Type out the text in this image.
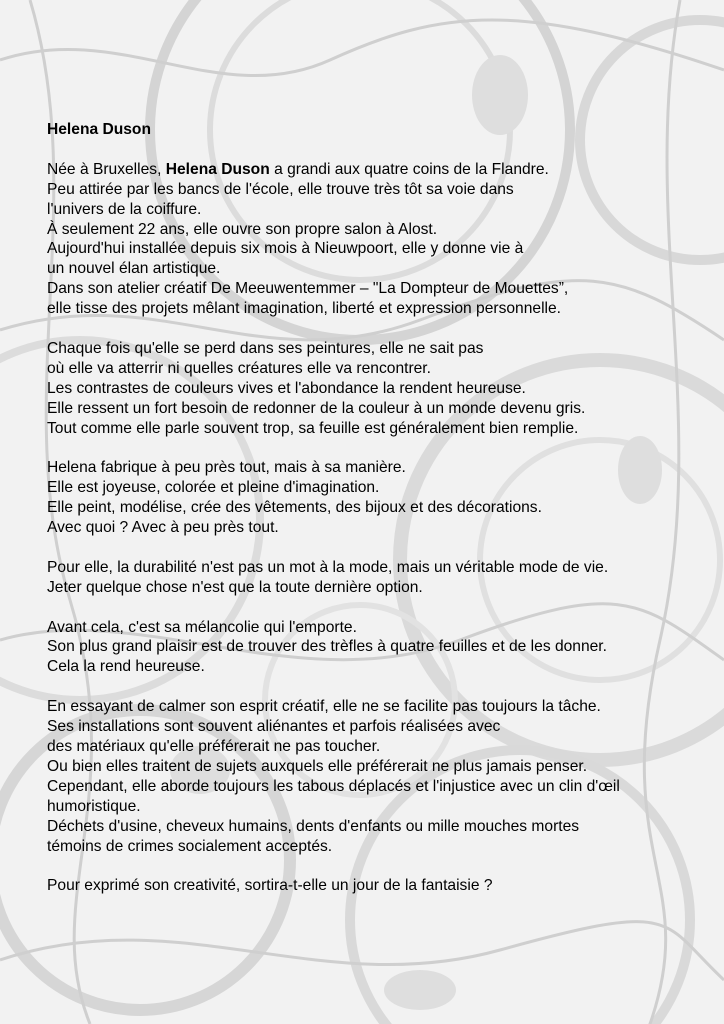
Helena Duson
Née à Bruxelles, Helena Duson a grandi aux quatre coins de la Flandre.
Peu attirée par les bancs de l'école, elle trouve très tôt sa voie dans
l'univers de la coiffure.
À seulement 22 ans, elle ouvre son propre salon à Alost.
Aujourd'hui installée depuis six mois à Nieuwpoort, elle y donne vie à
un nouvel élan artistique.
Dans son atelier créatif De Meeuwentemmer – "La Dompteur de Mouettes”,
elle tisse des projets mêlant imagination, liberté et expression personnelle.
Chaque fois qu'elle se perd dans ses peintures, elle ne sait pas
où elle va atterrir ni quelles créatures elle va rencontrer.
Les contrastes de couleurs vives et l'abondance la rendent heureuse.
Elle ressent un fort besoin de redonner de la couleur à un monde devenu gris.
Tout comme elle parle souvent trop, sa feuille est généralement bien remplie.
Helena fabrique à peu près tout, mais à sa manière.
Elle est joyeuse, colorée et pleine d'imagination.
Elle peint, modélise, crée des vêtements, des bijoux et des décorations.
Avec quoi ? Avec à peu près tout.
Pour elle, la durabilité n'est pas un mot à la mode, mais un véritable mode de vie.
Jeter quelque chose n'est que la toute dernière option.
Avant cela, c'est sa mélancolie qui l'emporte.
Son plus grand plaisir est de trouver des trèfles à quatre feuilles et de les donner.
Cela la rend heureuse.
En essayant de calmer son esprit créatif, elle ne se facilite pas toujours la tâche.
Ses installations sont souvent aliénantes et parfois réalisées avec
des matériaux qu'elle préférerait ne pas toucher.
Ou bien elles traitent de sujets auxquels elle préférerait ne plus jamais penser.
Cependant, elle aborde toujours les tabous déplacés et l'injustice avec un clin d'œil humoristique.
Déchets d'usine, cheveux humains, dents d'enfants ou mille mouches mortes
témoins de crimes socialement acceptés.
Pour exprimé son creativité, sortira-t-elle un jour de la fantaisie ?
